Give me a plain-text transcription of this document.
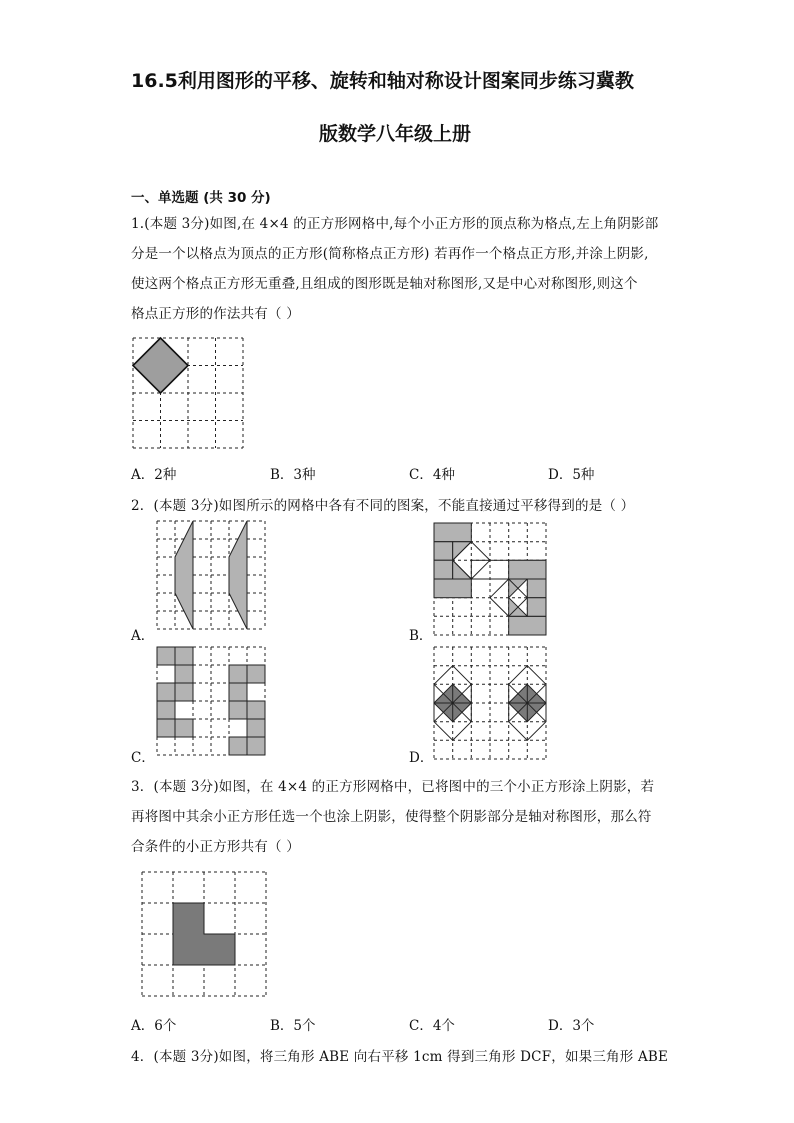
16.5利用图形的平移、旋转和轴对称设计图案同步练习冀教
版数学八年级上册
一、单选题 (共 30 分)
1.(本题 3分)如图,在 4×4 的正方形网格中,每个小正方形的顶点称为格点,左上角阴影部
分是一个以格点为顶点的正方形(简称格点正方形) 若再作一个格点正方形,并涂上阴影,
使这两个格点正方形无重叠,且组成的图形既是轴对称图形,又是中心对称图形,则这个
格点正方形的作法共有（ ）
A．2种	B．3种	C．4种	D．5种
2．(本题 3分)如图所示的网格中各有不同的图案，不能直接通过平移得到的是（ ）
A．	B．
C．	D．
3．(本题 3分)如图，在 4×4 的正方形网格中，已将图中的三个小正方形涂上阴影，若
再将图中其余小正方形任选一个也涂上阴影，使得整个阴影部分是轴对称图形，那么符
合条件的小正方形共有（ ）
A．6个	B．5个	C．4个	D．3个
4．(本题 3分)如图，将三角形 ABE 向右平移 1cm 得到三角形 DCF，如果三角形 ABE
